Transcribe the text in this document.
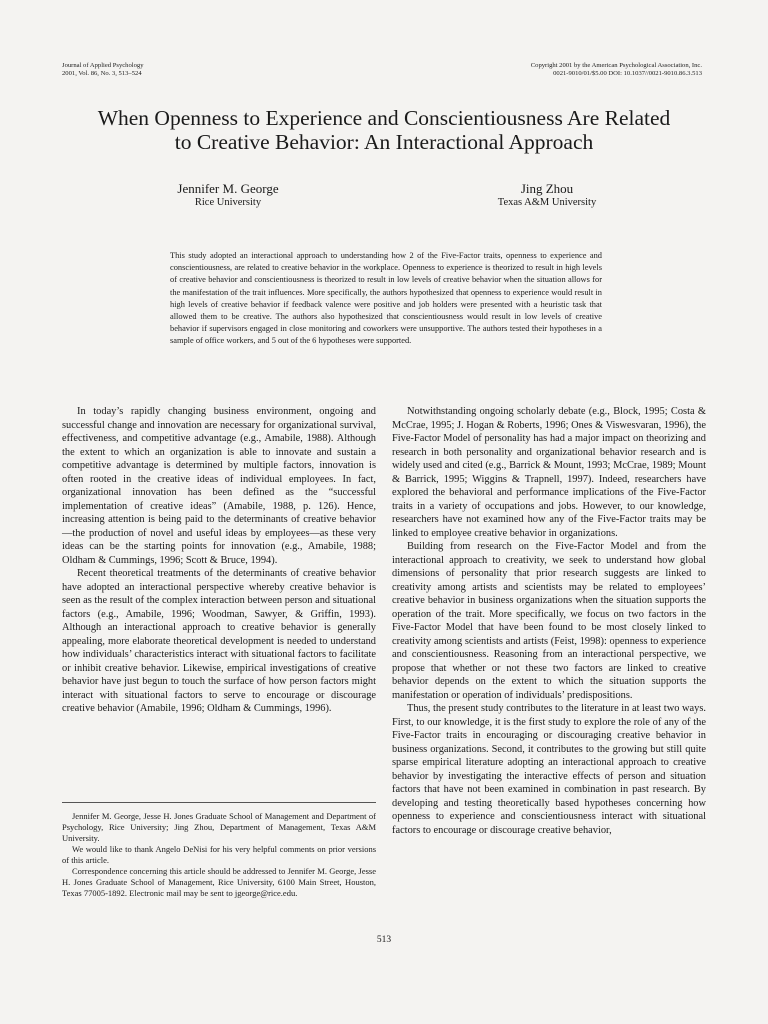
Journal of Applied Psychology
2001, Vol. 86, No. 3, 513–524
Copyright 2001 by the American Psychological Association, Inc.
0021-9010/01/$5.00 DOI: 10.1037//0021-9010.86.3.513
When Openness to Experience and Conscientiousness Are Related
to Creative Behavior: An Interactional Approach
Jennifer M. George
Rice University
Jing Zhou
Texas A&M University
This study adopted an interactional approach to understanding how 2 of the Five-Factor traits, openness to experience and conscientiousness, are related to creative behavior in the workplace. Openness to experience is theorized to result in high levels of creative behavior and conscientiousness is theorized to result in low levels of creative behavior when the situation allows for the manifestation of the trait influences. More specifically, the authors hypothesized that openness to experience would result in high levels of creative behavior if feedback valence were positive and job holders were presented with a heuristic task that allowed them to be creative. The authors also hypothesized that conscientiousness would result in low levels of creative behavior if supervisors engaged in close monitoring and coworkers were unsupportive. The authors tested their hypotheses in a sample of office workers, and 5 out of the 6 hypotheses were supported.

In today’s rapidly changing business environment, ongoing and successful change and innovation are necessary for organizational survival, effectiveness, and competitive advantage (e.g., Amabile, 1988). Although the extent to which an organization is able to innovate and sustain a competitive advantage is determined by multiple factors, innovation is often rooted in the creative ideas of individual employees. In fact, organizational innovation has been defined as the “successful implementation of creative ideas” (Amabile, 1988, p. 126). Hence, increasing attention is being paid to the determinants of creative behavior—the production of novel and useful ideas by employees—as these very ideas can be the starting points for innovation (e.g., Amabile, 1988; Oldham & Cummings, 1996; Scott & Bruce, 1994).

Recent theoretical treatments of the determinants of creative behavior have adopted an interactional perspective whereby creative behavior is seen as the result of the complex interaction between person and situational factors (e.g., Amabile, 1996; Woodman, Sawyer, & Griffin, 1993). Although an interactional approach to creative behavior is generally appealing, more elaborate theoretical development is needed to understand how individuals’ characteristics interact with situational factors to facilitate or inhibit creative behavior. Likewise, empirical investigations of creative behavior have just begun to touch the surface of how person factors might interact with situational factors to serve to encourage or discourage creative behavior (Amabile, 1996; Oldham & Cummings, 1996).

Notwithstanding ongoing scholarly debate (e.g., Block, 1995; Costa & McCrae, 1995; J. Hogan & Roberts, 1996; Ones & Viswesvaran, 1996), the Five-Factor Model of personality has had a major impact on theorizing and research in both personality and organizational behavior research and is widely used and cited (e.g., Barrick & Mount, 1993; McCrae, 1989; Mount & Barrick, 1995; Wiggins & Trapnell, 1997). Indeed, researchers have explored the behavioral and performance implications of the Five-Factor traits in a variety of occupations and jobs. However, to our knowledge, researchers have not examined how any of the Five-Factor traits may be linked to employee creative behavior in organizations.

Building from research on the Five-Factor Model and from the interactional approach to creativity, we seek to understand how global dimensions of personality that prior research suggests are linked to creativity among artists and scientists may be related to employees’ creative behavior in business organizations when the situation supports the operation of the trait. More specifically, we focus on two factors in the Five-Factor Model that have been found to be most closely linked to creativity among scientists and artists (Feist, 1998): openness to experience and conscientiousness. Reasoning from an interactional perspective, we propose that whether or not these two factors are linked to creative behavior depends on the extent to which the situation supports the manifestation or operation of individuals’ predispositions.

Thus, the present study contributes to the literature in at least two ways. First, to our knowledge, it is the first study to explore the role of any of the Five-Factor traits in encouraging or discouraging creative behavior in business organizations. Second, it contributes to the growing but still quite sparse empirical literature adopting an interactional approach to creative behavior by investigating the interactive effects of person and situation factors that have not been examined in combination in past research. By developing and testing theoretically based hypotheses concerning how openness to experience and conscientiousness interact with situational factors to encourage or discourage creative behavior,

Jennifer M. George, Jesse H. Jones Graduate School of Management and Department of Psychology, Rice University; Jing Zhou, Department of Management, Texas A&M University.

We would like to thank Angelo DeNisi for his very helpful comments on prior versions of this article.

Correspondence concerning this article should be addressed to Jennifer M. George, Jesse H. Jones Graduate School of Management, Rice University, 6100 Main Street, Houston, Texas 77005-1892. Electronic mail may be sent to jgeorge@rice.edu.

513
